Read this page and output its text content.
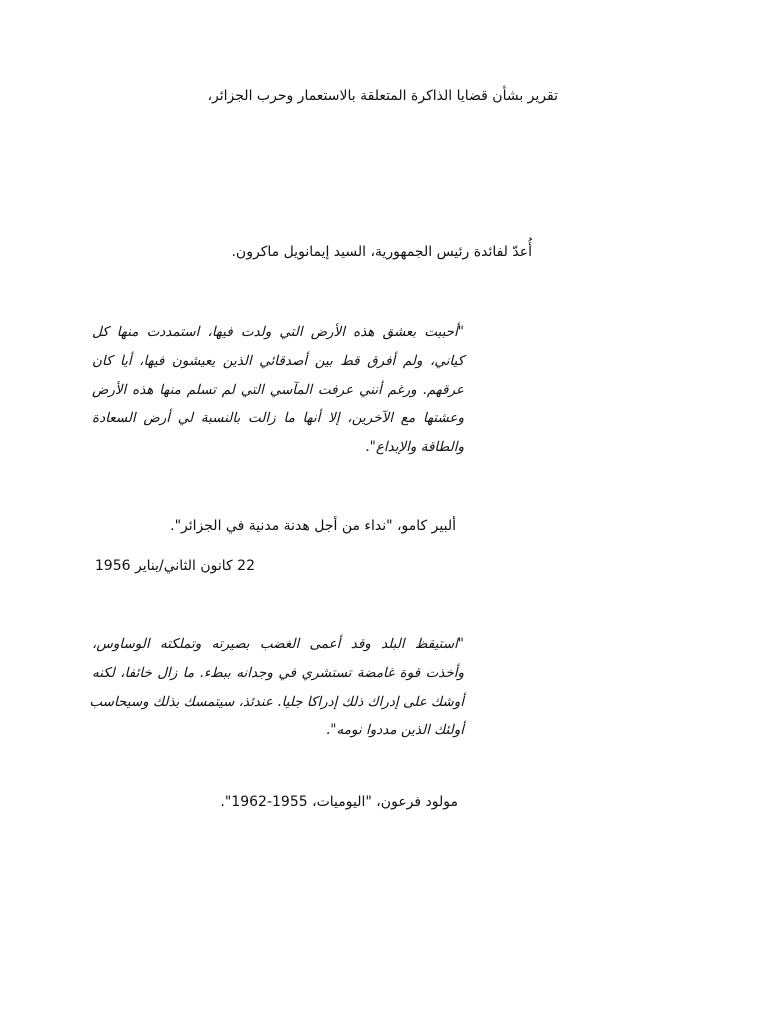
تقرير بشأن قضايا الذاكرة المتعلقة بالاستعمار وحرب الجزائر،
أُعدّ لفائدة رئيس الجمهورية، السيد إيمانويل ماكرون.
"أحببت بعشق هذه الأرض التي ولدت فيها، استمددت منها كل
كياني، ولم أفرق قط بين أصدقائي الذين يعيشون فيها، أيا كان
عرقهم. ورغم أنني عرفت المآسي التي لم تسلم منها هذه الأرض
وعشتها مع الآخرين، إلا أنها ما زالت بالنسبة لي أرض السعادة
والطاقة والإبداع".
ألبير كامو، "نداء من أجل هدنة مدنية في الجزائر".
22 كانون الثاني/يناير 1956
"استيقظ البلد وقد أعمى الغضب بصيرته وتملكته الوساوس،
وأخذت قوة غامضة تستشري في وجدانه ببطء. ما زال خائفا، لكنه
أوشك على إدراك ذلك إدراكا جليا. عندئذ، سيتمسك بذلك وسيحاسب
أولئك الذين مددوا نومه".
مولود فرعون، "اليوميات، 1955-1962".
